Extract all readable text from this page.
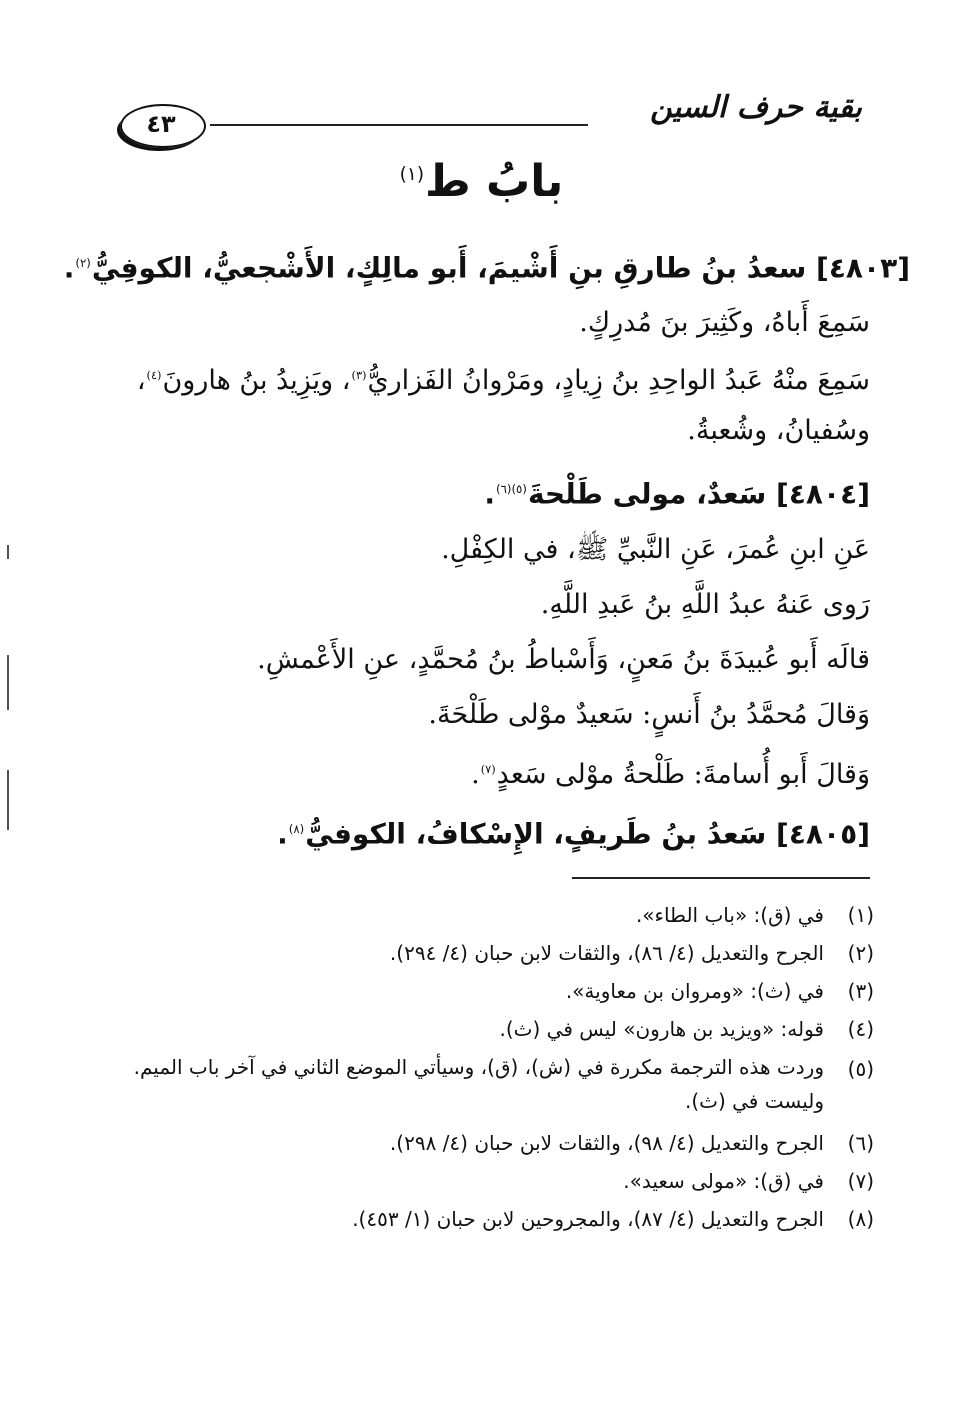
بقية حرف السين
٤٣
بابُ ط$^{(١)}$

[٤٨٠٣] سعدُ بنُ طارقِ بنِ أَشْيمَ، أَبو مالِكٍ، الأَشْجعيُّ، الكوفِيُّ$^{(٢)}$.

سَمِعَ أَباهُ، وكَثِيرَ بنَ مُدرِكٍ.

سَمِعَ منْهُ عَبدُ الواحِدِ بنُ زِيادٍ، ومَرْوانُ الفَزاريُّ$^{(٣)}$، ويَزِيدُ بنُ هارونَ$^{(٤)}$، وسُفيانُ، وشُعبةُ.

[٤٨٠٤] سَعدٌ، مولى طَلْحةَ$^{(٥)(٦)}$.

عَنِ ابنِ عُمرَ، عَنِ النَّبيِّ ﷺ، في الكِفْلِ.

رَوى عَنهُ عبدُ اللَّهِ بنُ عَبدِ اللَّهِ.

قالَه أَبو عُبيدَةَ بنُ مَعنٍ، وَأَسْباطُ بنُ مُحمَّدٍ، عنِ الأَعْمشِ.

وَقالَ مُحمَّدُ بنُ أَنسٍ: سَعيدٌ موْلى طَلْحَةَ.

وَقالَ أَبو أُسامةَ: طَلْحةُ موْلى سَعدٍ$^{(٧)}$.

[٤٨٠٥] سَعدُ بنُ طَريفٍ، الإِسْكافُ، الكوفيُّ$^{(٨)}$.

(١)
في (ق): «باب الطاء».
(٢)
الجرح والتعديل (٤/ ٨٦)، والثقات لابن حبان (٤/ ٢٩٤).
(٣)
في (ث): «ومروان بن معاوية».
(٤)
قوله: «ويزيد بن هارون» ليس في (ث).
(٥)
وردت هذه الترجمة مكررة في (ش)، (ق)، وسيأتي الموضع الثاني في آخر باب الميم. وليست في (ث).
(٦)
الجرح والتعديل (٤/ ٩٨)، والثقات لابن حبان (٤/ ٢٩٨).
(٧)
في (ق): «مولى سعيد».
(٨)
الجرح والتعديل (٤/ ٨٧)، والمجروحين لابن حبان (١/ ٤٥٣).
